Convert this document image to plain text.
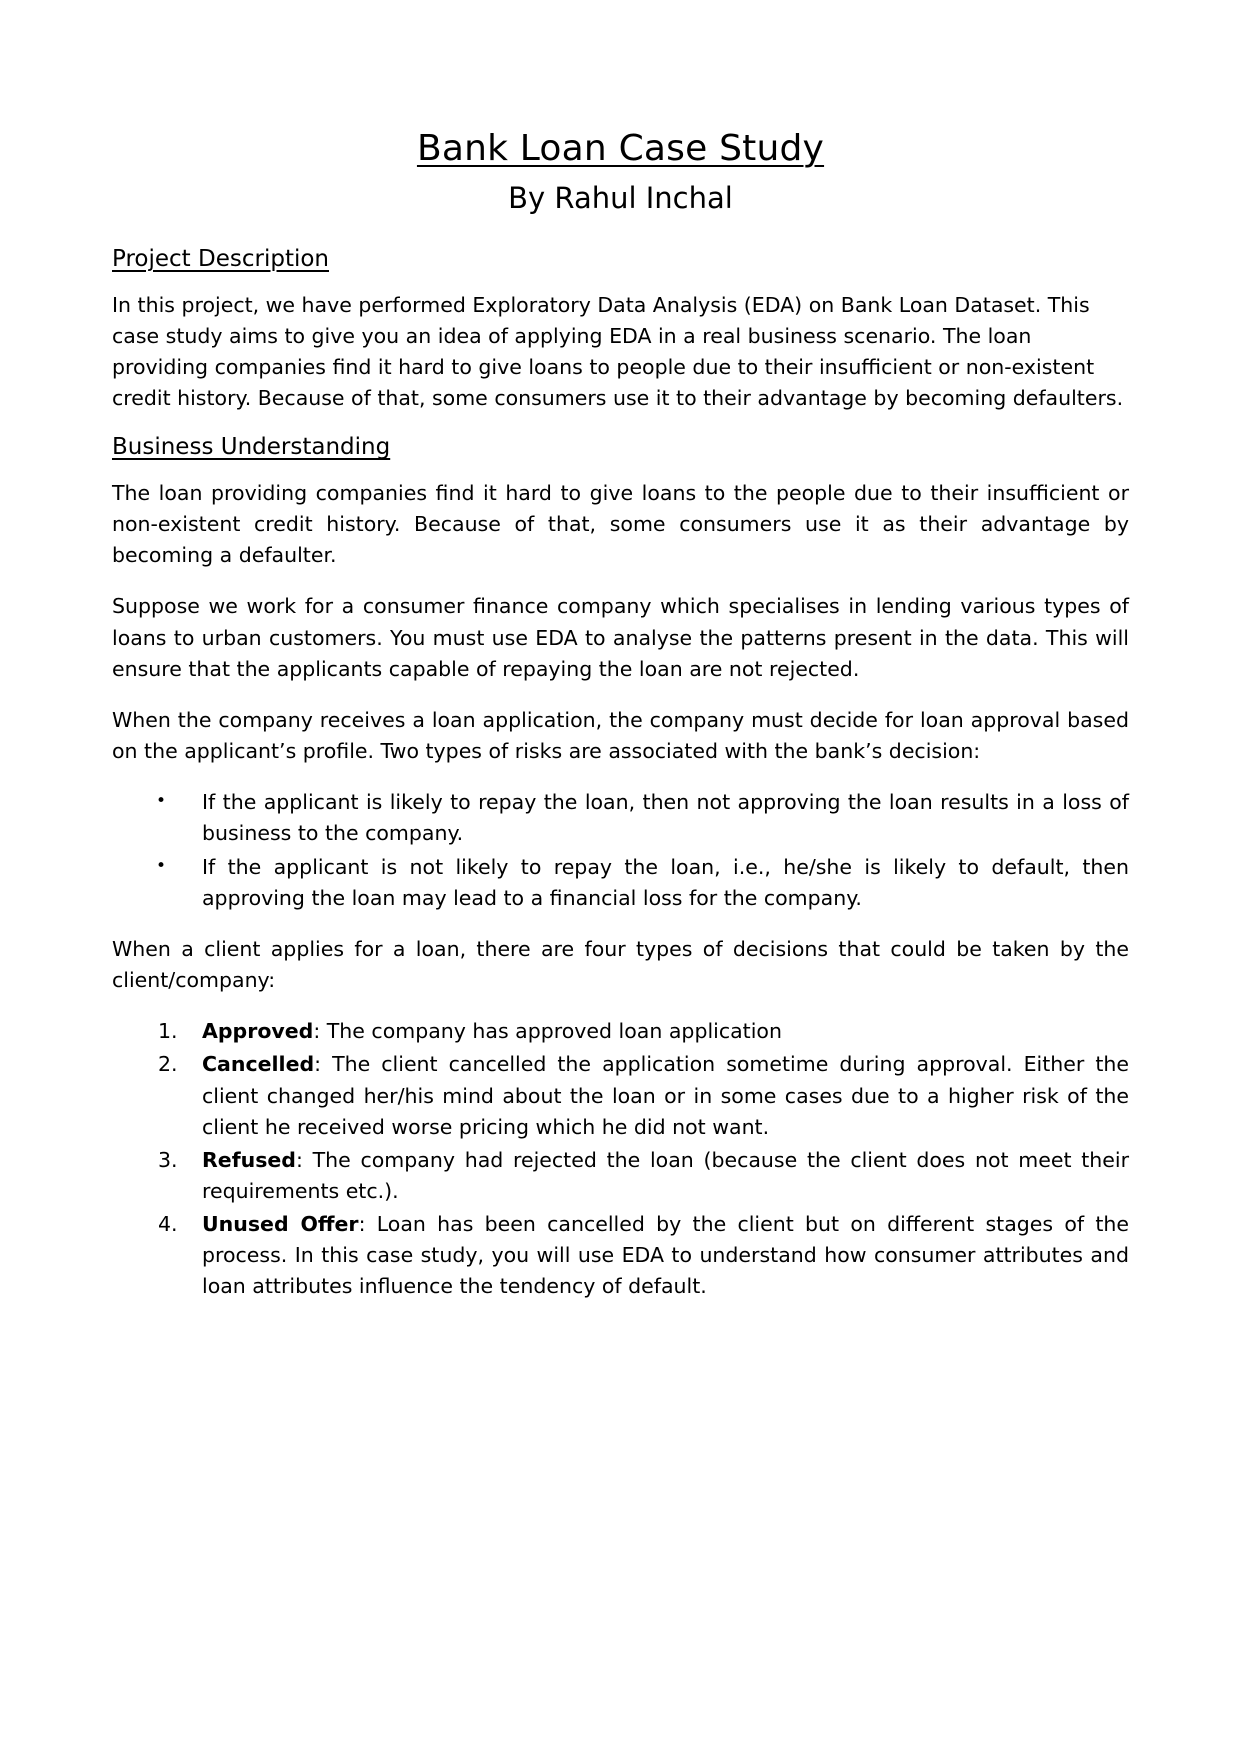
Bank Loan Case Study
By Rahul Inchal
Project Description

In this project, we have performed Exploratory Data Analysis (EDA) on Bank Loan Dataset. This case study aims to give you an idea of applying EDA in a real business scenario. The loan providing companies find it hard to give loans to people due to their insufficient or non-existent credit history. Because of that, some consumers use it to their advantage by becoming defaulters.

Business Understanding

The loan providing companies find it hard to give loans to the people due to their insufficient or non-existent credit history. Because of that, some consumers use it as their advantage by becoming a defaulter.

Suppose we work for a consumer finance company which specialises in lending various types of loans to urban customers. You must use EDA to analyse the patterns present in the data. This will ensure that the applicants capable of repaying the loan are not rejected.

When the company receives a loan application, the company must decide for loan approval based on the applicant’s profile. Two types of risks are associated with the bank’s decision:

• If the applicant is likely to repay the loan, then not approving the loan results in a loss of business to the company.
• If the applicant is not likely to repay the loan, i.e., he/she is likely to default, then approving the loan may lead to a financial loss for the company.

When a client applies for a loan, there are four types of decisions that could be taken by the client/company:

1. Approved: The company has approved loan application
2. Cancelled: The client cancelled the application sometime during approval. Either the client changed her/his mind about the loan or in some cases due to a higher risk of the client he received worse pricing which he did not want.
3. Refused: The company had rejected the loan (because the client does not meet their requirements etc.).
4. Unused Offer: Loan has been cancelled by the client but on different stages of the process. In this case study, you will use EDA to understand how consumer attributes and loan attributes influence the tendency of default.
